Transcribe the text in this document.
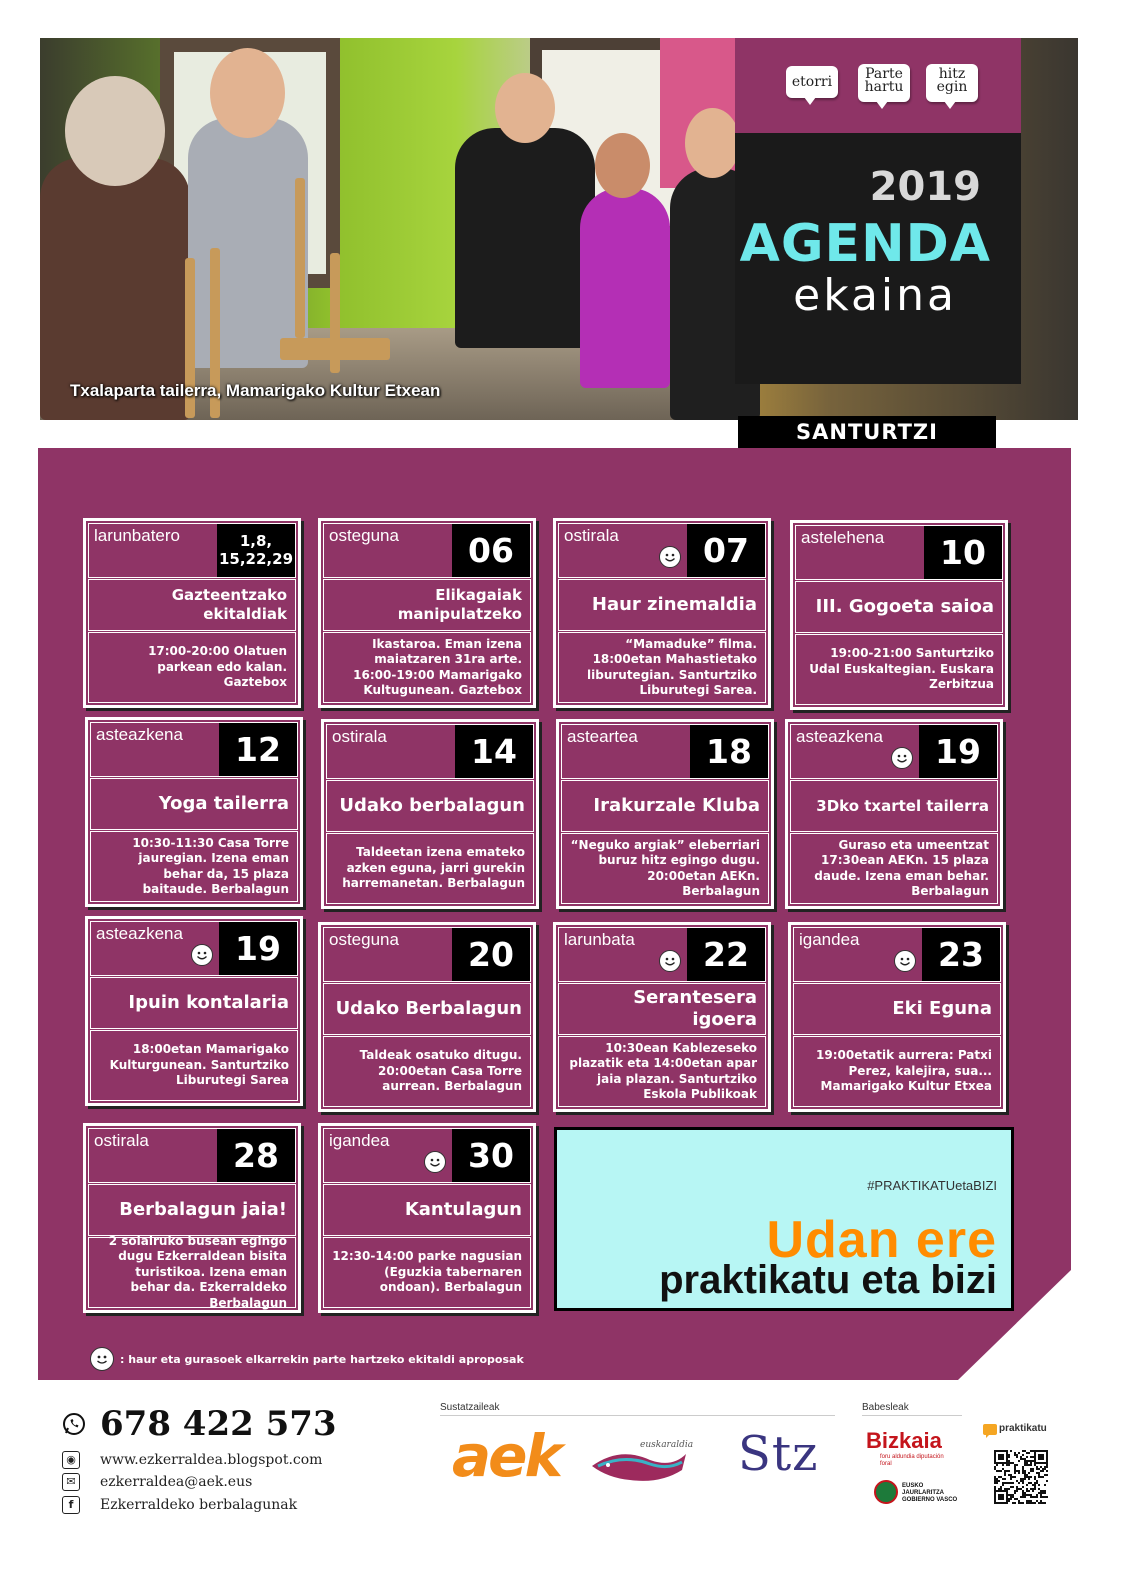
etorri	Parte hartu
hitz egin
2019
AGENDA
ekaina
Txalaparta tailerra, Mamarigako Kultur Etxean
SANTURTZI
larunbatero	1,8, 15,22,29
Gazteentzako ekitaldiak
17:00-20:00 Olatuen parkean edo kalan. Gaztebox
osteguna	06
Elikagaiak manipulatzeko
Ikastaroa. Eman izena maiatzaren 31ra arte. 16:00-19:00 Mamarigako Kultugunean. Gaztebox
ostirala	07
Haur zinemaldia
“Mamaduke” filma. 18:00etan Mahastietako liburutegian. Santurtziko Liburutegi Sarea.
astelehena	10
III. Gogoeta saioa
19:00-21:00 Santurtziko Udal Euskaltegian. Euskara Zerbitzua
asteazkena	12
Yoga tailerra
10:30-11:30 Casa Torre jauregian. Izena eman behar da, 15 plaza baitaude. Berbalagun
ostirala	14
Udako berbalagun
Taldeetan izena emateko azken eguna, jarri gurekin harremanetan. Berbalagun
asteartea	18
Irakurzale Kluba
“Neguko argiak” eleberriari buruz hitz egingo dugu. 20:00etan AEKn. Berbalagun
asteazkena	19
3Dko txartel tailerra
Guraso eta umeentzat 17:30ean AEKn. 15 plaza daude. Izena eman behar. Berbalagun
asteazkena	19
Ipuin kontalaria
18:00etan Mamarigako Kulturgunean. Santurtziko Liburutegi Sarea
osteguna	20
Udako Berbalagun
Taldeak osatuko ditugu. 20:00etan Casa Torre aurrean. Berbalagun
larunbata	22
Serantesera igoera
10:30ean Kablezeseko plazatik eta 14:00etan apar jaia plazan. Santurtziko Eskola Publikoak
igandea	23
Eki Eguna
19:00etatik aurrera: Patxi Perez, kalejira, sua... Mamarigako Kultur Etxea
ostirala	28
Berbalagun jaia!
2 solairuko busean egingo dugu Ezkerraldean bisita turistikoa. Izena eman behar da. Ezkerraldeko Berbalagun
igandea	30
Kantulagun
12:30-14:00 parke nagusian (Eguzkia tabernaren ondoan). Berbalagun
#PRAKTIKATUetaBIZI
Udan ere
praktikatu eta bizi
: haur eta gurasoek elkarrekin parte hartzeko ekitaldi aproposak
678 422 573
◉	www.ezkerraldea.blogspot.com
✉	ezkerraldea@aek.eus
f	Ezkerraldeko berbalagunak
Sustatzaileak	Babesleak
aek	euskaraldia Stz Bizkaia
foru aldundia diputación foral
EUSKO JAURLARITZA GOBIERNO VASCO
praktikatu
